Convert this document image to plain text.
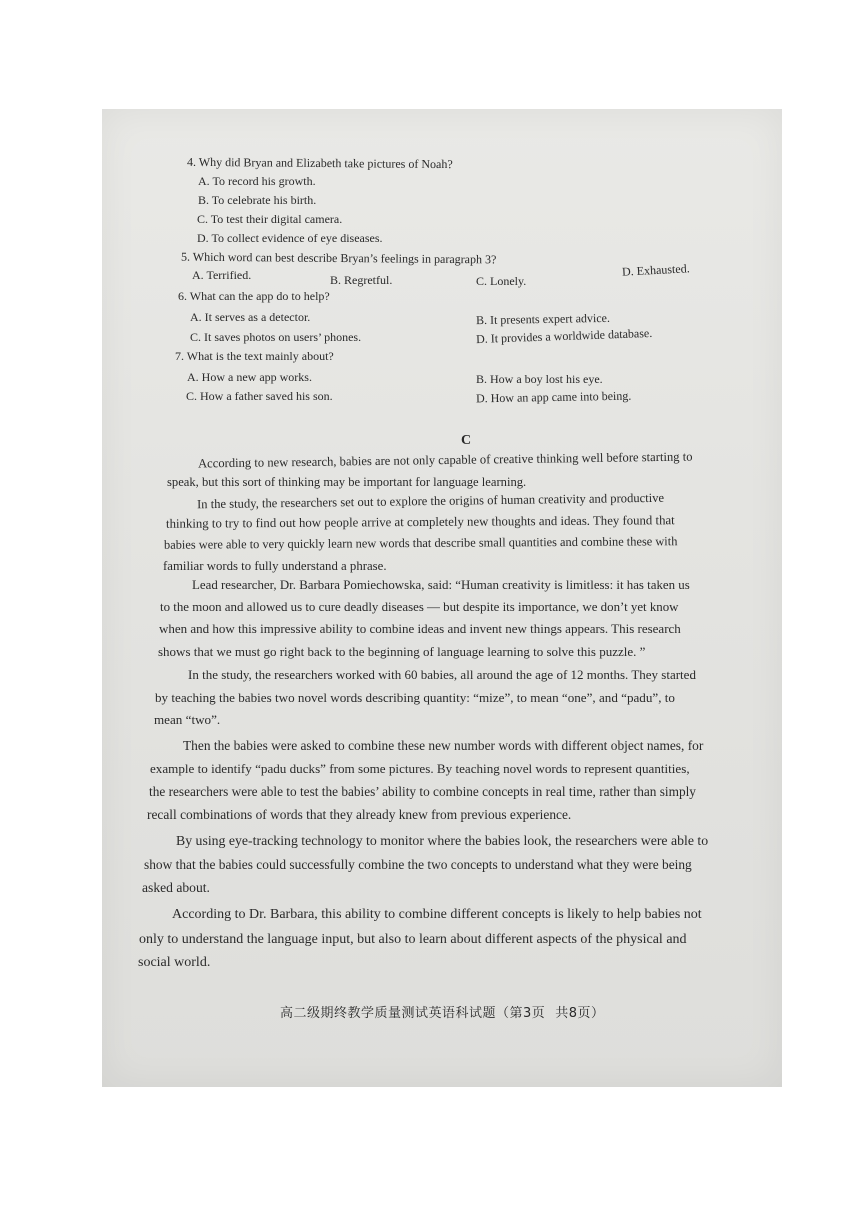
4. Why did Bryan and Elizabeth take pictures of Noah?
A. To record his growth.
B. To celebrate his birth.
C. To test their digital camera.
D. To collect evidence of eye diseases.
5. Which word can best describe Bryan’s feelings in paragraph 3?
A. Terrified.	B. Regretful.	C. Lonely.
D. Exhausted.
6. What can the app do to help?
A. It serves as a detector.	B. It presents expert advice.
C. It saves photos on users’ phones.	D. It provides a worldwide database.
7. What is the text mainly about?
A. How a new app works.	B. How a boy lost his eye.
C. How a father saved his son.	D. How an app came into being.
C
According to new research, babies are not only capable of creative thinking well before starting to
speak, but this sort of thinking may be important for language learning.
In the study, the researchers set out to explore the origins of human creativity and productive
thinking to try to find out how people arrive at completely new thoughts and ideas. They found that
babies were able to very quickly learn new words that describe small quantities and combine these with
familiar words to fully understand a phrase.
Lead researcher, Dr. Barbara Pomiechowska, said: “Human creativity is limitless: it has taken us
to the moon and allowed us to cure deadly diseases — but despite its importance, we don’t yet know
when and how this impressive ability to combine ideas and invent new things appears. This research
shows that we must go right back to the beginning of language learning to solve this puzzle. ”
In the study, the researchers worked with 60 babies, all around the age of 12 months. They started
by teaching the babies two novel words describing quantity: “mize”, to mean “one”, and “padu”, to
mean “two”.
Then the babies were asked to combine these new number words with different object names, for
example to identify “padu ducks” from some pictures. By teaching novel words to represent quantities,
the researchers were able to test the babies’ ability to combine concepts in real time, rather than simply
recall combinations of words that they already knew from previous experience.
By using eye-tracking technology to monitor where the babies look, the researchers were able to
show that the babies could successfully combine the two concepts to understand what they were being
asked about.
According to Dr. Barbara, this ability to combine different concepts is likely to help babies not
only to understand the language input, but also to learn about different aspects of the physical and
social world.
高二级期终教学质量测试英语科试题（第3页 共8页）
